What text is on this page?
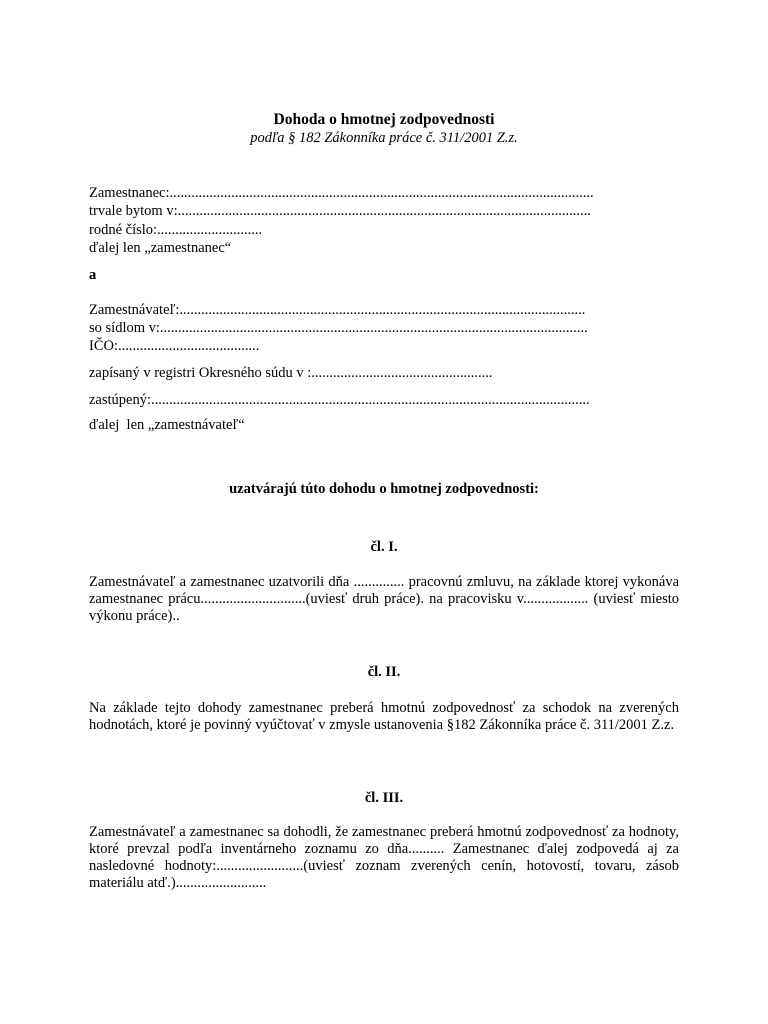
Dohoda o hmotnej zodpovednosti
podľa § 182 Zákonníka práce č. 311/2001 Z.z.
Zamestnanec:.....................................................................................................................
trvale bytom v:..................................................................................................................
rodné číslo:.............................
ďalej len „zamestnanec“
a
Zamestnávateľ:................................................................................................................
so sídlom v:......................................................................................................................
IČO:.......................................
zapísaný v registri Okresného súdu v :..................................................
zastúpený:.........................................................................................................................
ďalej  len „zamestnávateľ“
uzatvárajú túto dohodu o hmotnej zodpovednosti:
čl. I.
Zamestnávateľ a zamestnanec uzatvorili dňa .............. pracovnú zmluvu, na základe ktorej vykonáva zamestnanec prácu.............................(uviesť druh práce). na pracovisku v.................. (uviesť miesto výkonu práce)..
čl. II.
Na základe tejto dohody zamestnanec preberá hmotnú zodpovednosť za schodok na zverených hodnotách, ktoré je povinný vyúčtovať v zmysle ustanovenia §182 Zákonníka práce č. 311/2001 Z.z.
čl. III.
Zamestnávateľ a zamestnanec sa dohodli, že zamestnanec preberá hmotnú zodpovednosť za hodnoty, ktoré prevzal podľa inventárneho zoznamu zo dňa.......... Zamestnanec ďalej zodpovedá aj za nasledovné hodnoty:........................(uviesť zoznam zverených cenín, hotovostí, tovaru, zásob materiálu atď.).........................
